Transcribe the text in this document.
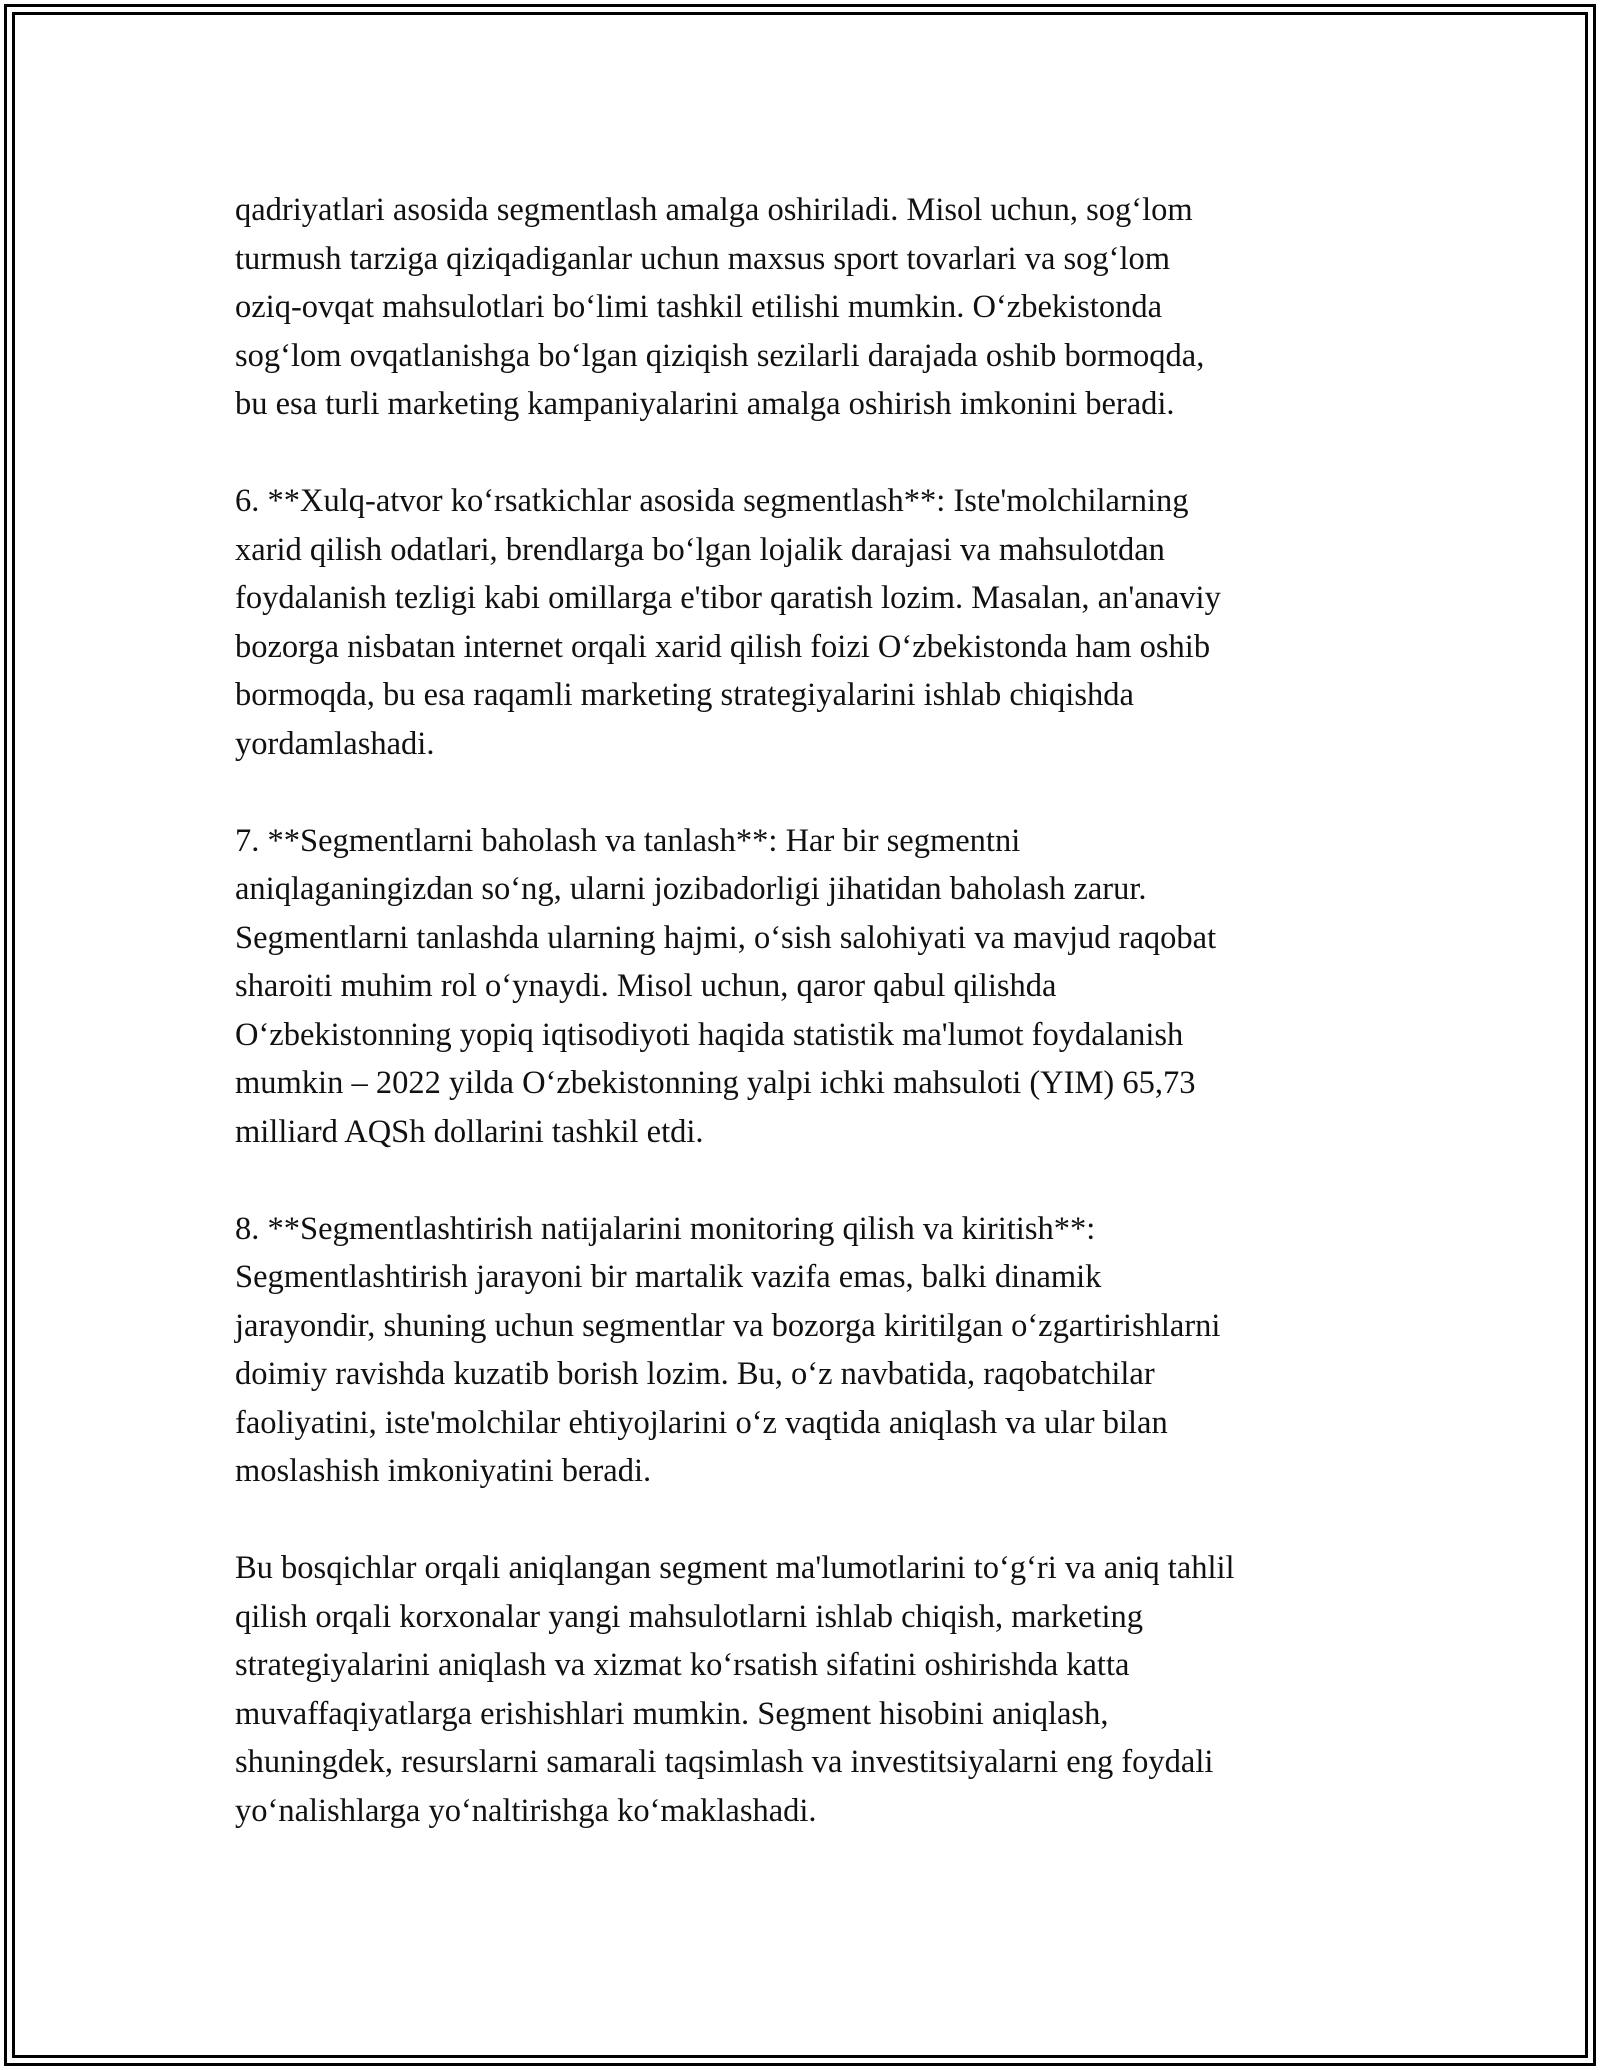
qadriyatlari asosida segmentlash amalga oshiriladi. Misol uchun, sog‘lom
turmush tarziga qiziqadiganlar uchun maxsus sport tovarlari va sog‘lom
oziq-ovqat mahsulotlari bo‘limi tashkil etilishi mumkin. O‘zbekistonda
sog‘lom ovqatlanishga bo‘lgan qiziqish sezilarli darajada oshib bormoqda,
bu esa turli marketing kampaniyalarini amalga oshirish imkonini beradi.

6. **Xulq-atvor ko‘rsatkichlar asosida segmentlash**: Iste'molchilarning
xarid qilish odatlari, brendlarga bo‘lgan lojalik darajasi va mahsulotdan
foydalanish tezligi kabi omillarga e'tibor qaratish lozim. Masalan, an'anaviy
bozorga nisbatan internet orqali xarid qilish foizi O‘zbekistonda ham oshib
bormoqda, bu esa raqamli marketing strategiyalarini ishlab chiqishda
yordamlashadi.

7. **Segmentlarni baholash va tanlash**: Har bir segmentni
aniqlaganingizdan so‘ng, ularni jozibadorligi jihatidan baholash zarur.
Segmentlarni tanlashda ularning hajmi, o‘sish salohiyati va mavjud raqobat
sharoiti muhim rol o‘ynaydi. Misol uchun, qaror qabul qilishda
O‘zbekistonning yopiq iqtisodiyoti haqida statistik ma'lumot foydalanish
mumkin – 2022 yilda O‘zbekistonning yalpi ichki mahsuloti (YIM) 65,73
milliard AQSh dollarini tashkil etdi.

8. **Segmentlashtirish natijalarini monitoring qilish va kiritish**:
Segmentlashtirish jarayoni bir martalik vazifa emas, balki dinamik
jarayondir, shuning uchun segmentlar va bozorga kiritilgan o‘zgartirishlarni
doimiy ravishda kuzatib borish lozim. Bu, o‘z navbatida, raqobatchilar
faoliyatini, iste'molchilar ehtiyojlarini o‘z vaqtida aniqlash va ular bilan
moslashish imkoniyatini beradi.

Bu bosqichlar orqali aniqlangan segment ma'lumotlarini to‘g‘ri va aniq tahlil
qilish orqali korxonalar yangi mahsulotlarni ishlab chiqish, marketing
strategiyalarini aniqlash va xizmat ko‘rsatish sifatini oshirishda katta
muvaffaqiyatlarga erishishlari mumkin. Segment hisobini aniqlash,
shuningdek, resurslarni samarali taqsimlash va investitsiyalarni eng foydali
yo‘nalishlarga yo‘naltirishga ko‘maklashadi.
